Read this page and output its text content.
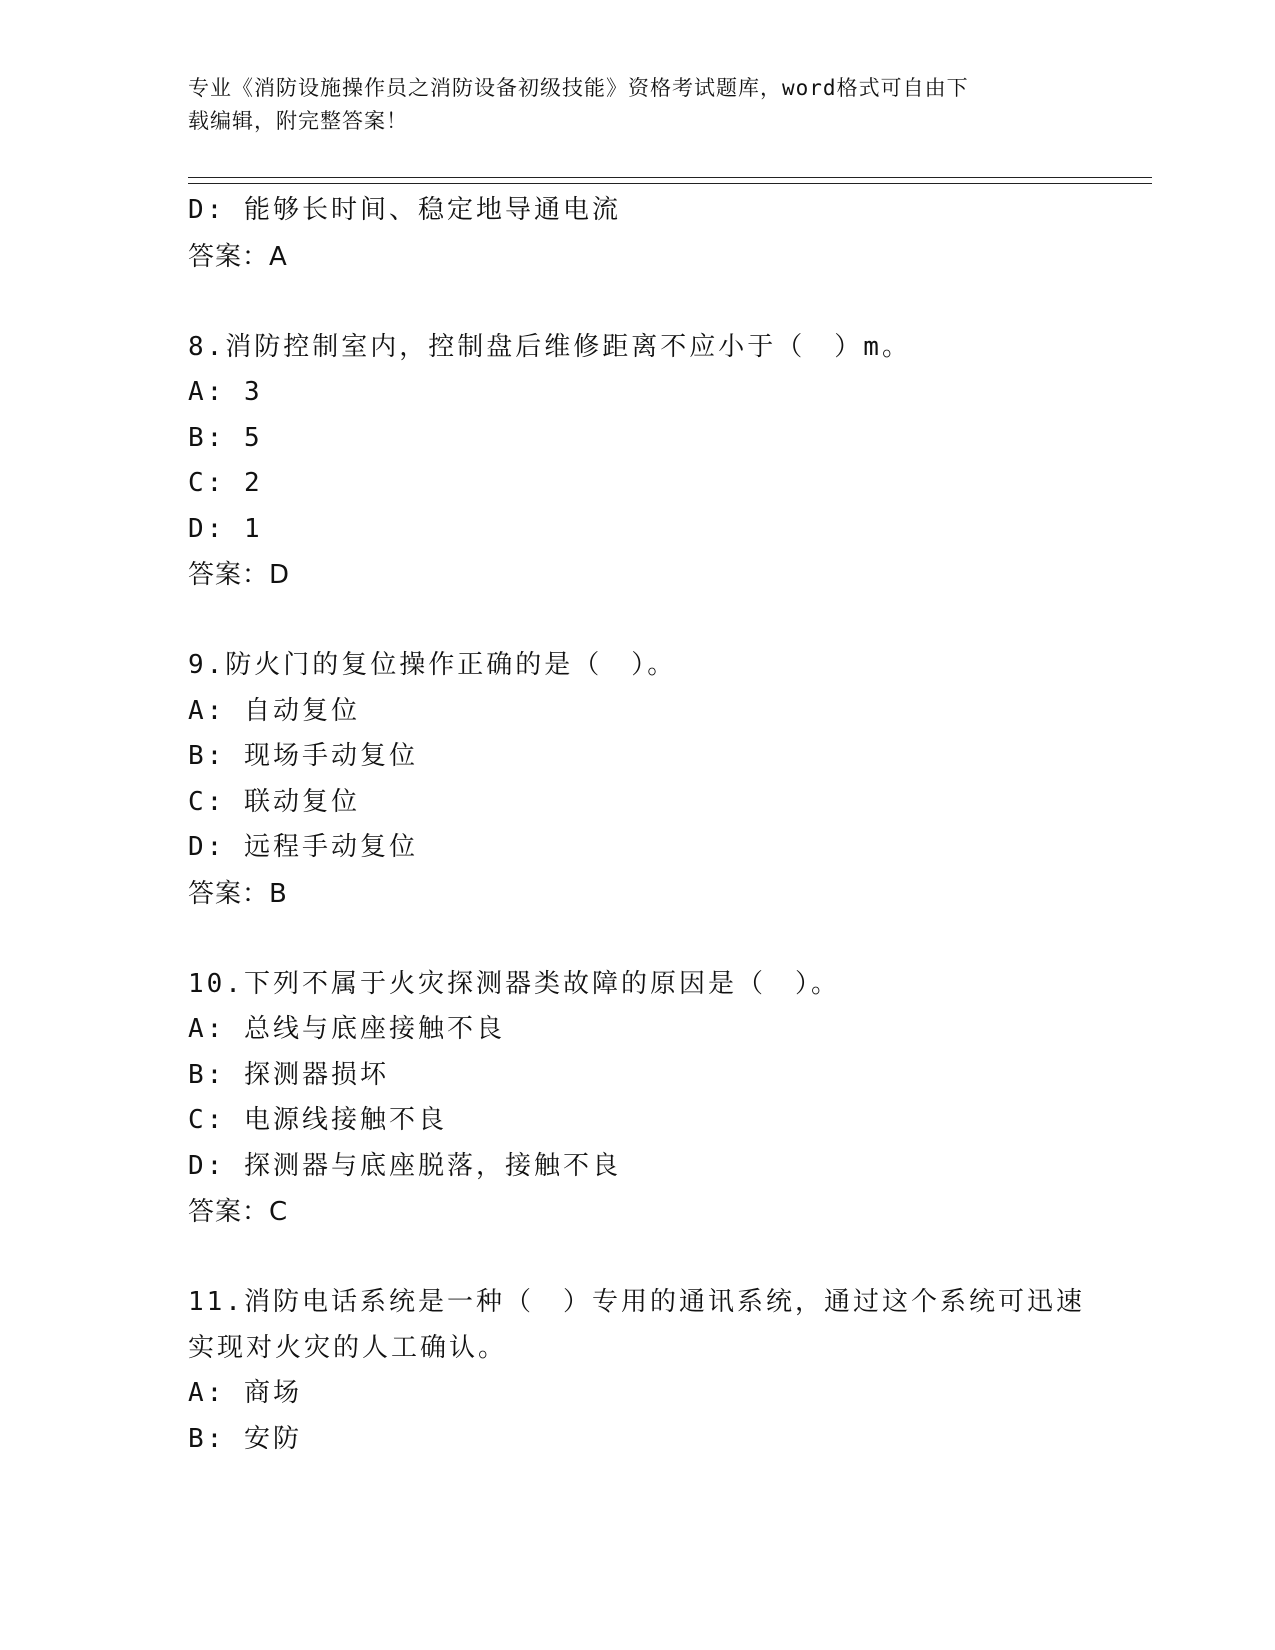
专业《消防设施操作员之消防设备初级技能》资格考试题库，word格式可自由下
载编辑，附完整答案！
D: 能够长时间、稳定地导通电流
答案：A
8.消防控制室内，控制盘后维修距离不应小于（　）m。
A: 3
B: 5
C: 2
D: 1
答案：D
9.防火门的复位操作正确的是（　）。
A: 自动复位
B: 现场手动复位
C: 联动复位
D: 远程手动复位
答案：B
10.下列不属于火灾探测器类故障的原因是（　）。
A: 总线与底座接触不良
B: 探测器损坏
C: 电源线接触不良
D: 探测器与底座脱落，接触不良
答案：C
11.消防电话系统是一种（　）专用的通讯系统，通过这个系统可迅速
实现对火灾的人工确认。
A: 商场
B: 安防
